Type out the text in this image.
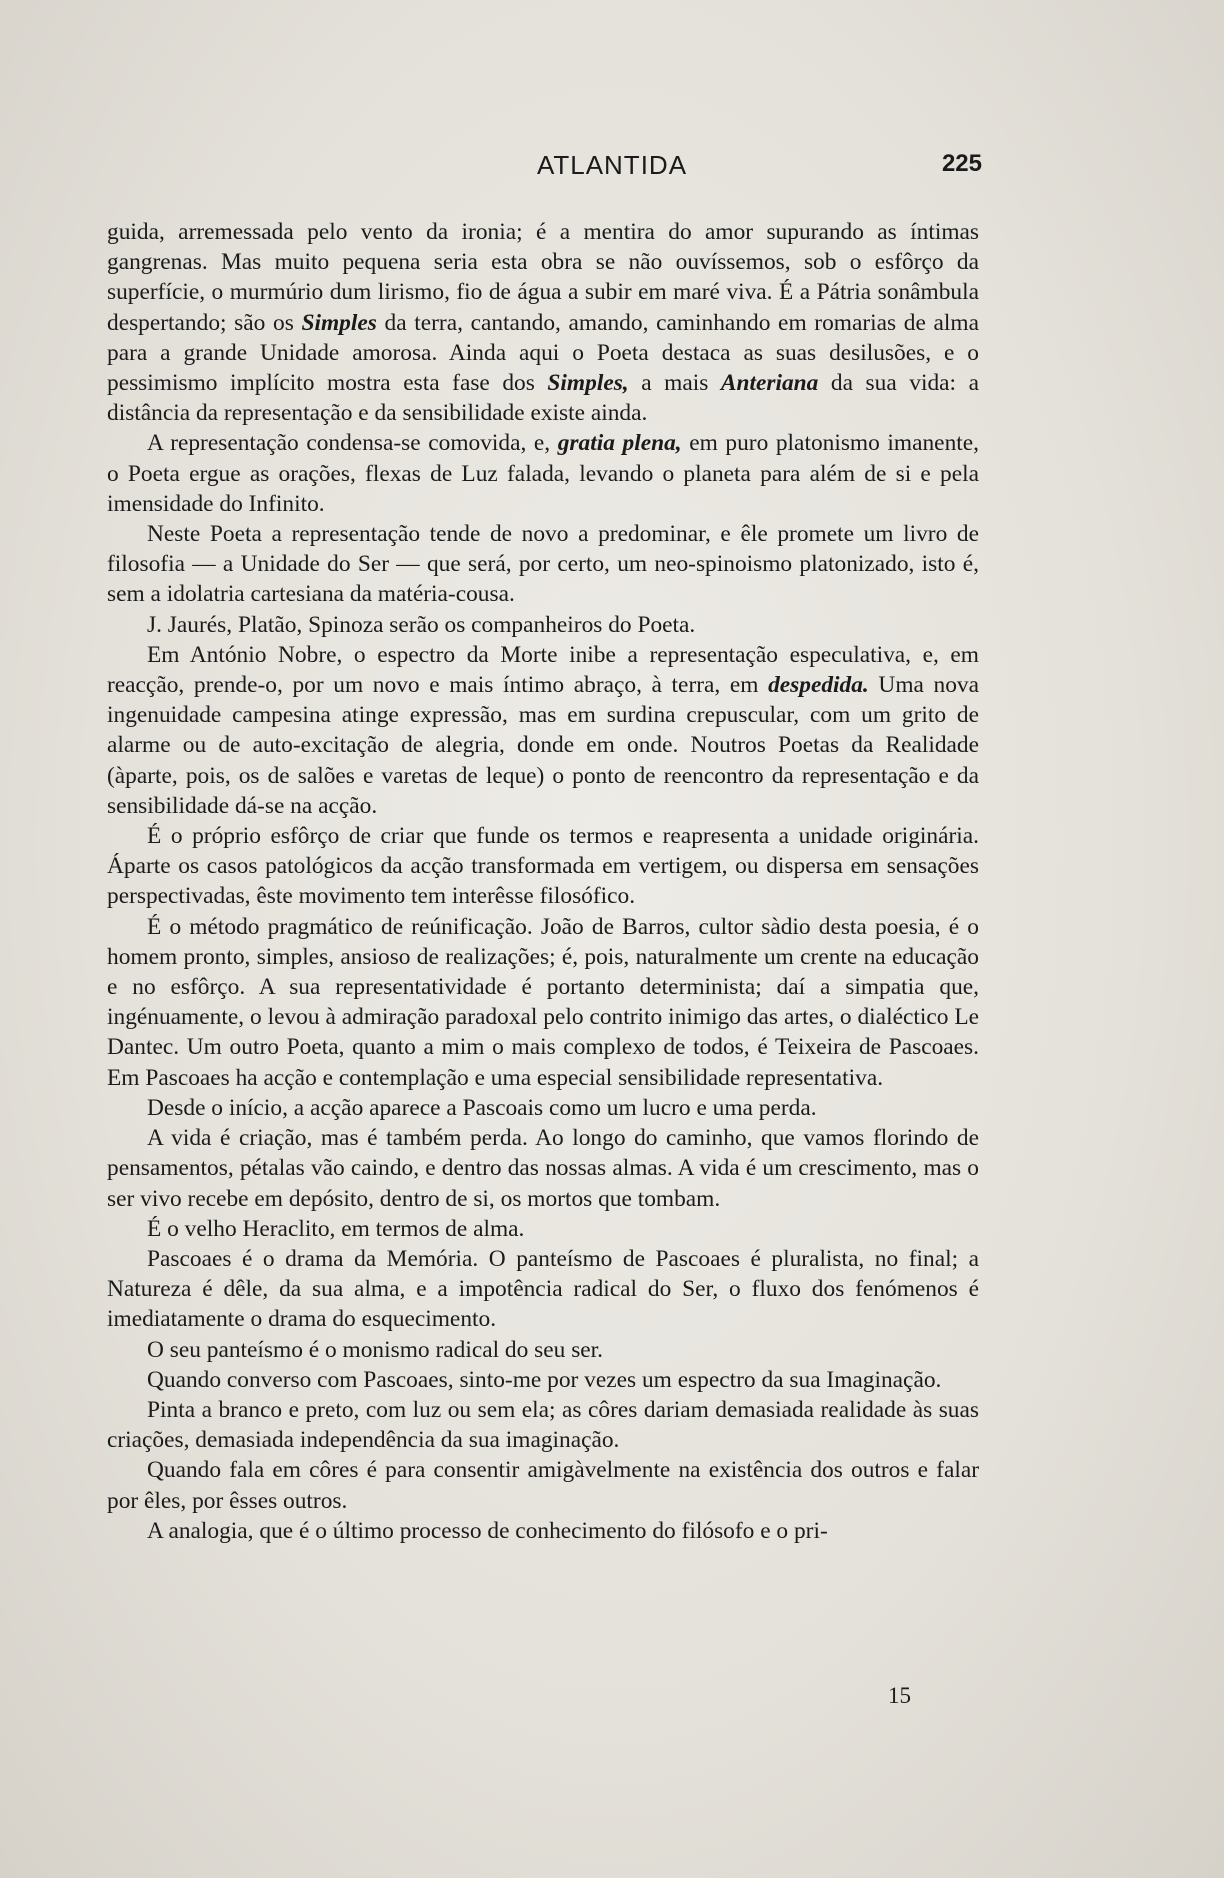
ATLANTIDA	225

guida, arremessada pelo vento da ironia; é a mentira do amor supurando as íntimas gangrenas. Mas muito pequena seria esta obra se não ouvíssemos, sob o esfôrço da superfície, o murmúrio dum lirismo, fio de água a subir em maré viva. É a Pátria sonâmbula despertando; são os Simples da terra, cantando, amando, caminhando em romarias de alma para a grande Unidade amorosa. Ainda aqui o Poeta destaca as suas desilusões, e o pessimismo implícito mostra esta fase dos Simples, a mais Anteriana da sua vida: a distância da representação e da sensibilidade existe ainda.

A representação condensa-se comovida, e, gratia plena, em puro platonismo imanente, o Poeta ergue as orações, flexas de Luz falada, levando o planeta para além de si e pela imensidade do Infinito.

Neste Poeta a representação tende de novo a predominar, e êle promete um livro de filosofia — a Unidade do Ser — que será, por certo, um neo-spinoismo platonizado, isto é, sem a idolatria cartesiana da matéria-cousa.

J. Jaurés, Platão, Spinoza serão os companheiros do Poeta.

Em António Nobre, o espectro da Morte inibe a representação especulativa, e, em reacção, prende-o, por um novo e mais íntimo abraço, à terra, em despedida. Uma nova ingenuidade campesina atinge expressão, mas em surdina crepuscular, com um grito de alarme ou de auto-excitação de alegria, donde em onde. Noutros Poetas da Realidade (àparte, pois, os de salões e varetas de leque) o ponto de reencontro da representação e da sensibilidade dá-se na acção.

É o próprio esfôrço de criar que funde os termos e reapresenta a unidade originária. Áparte os casos patológicos da acção transformada em vertigem, ou dispersa em sensações perspectivadas, êste movimento tem interêsse filosófico.

É o método pragmático de reúnificação. João de Barros, cultor sàdio desta poesia, é o homem pronto, simples, ansioso de realizações; é, pois, naturalmente um crente na educação e no esfôrço. A sua representatividade é portanto determinista; daí a simpatia que, ingénuamente, o levou à admiração paradoxal pelo contrito inimigo das artes, o dialéctico Le Dantec. Um outro Poeta, quanto a mim o mais complexo de todos, é Teixeira de Pascoaes. Em Pascoaes ha acção e contemplação e uma especial sensibilidade representativa.

Desde o início, a acção aparece a Pascoais como um lucro e uma perda.

A vida é criação, mas é também perda. Ao longo do caminho, que vamos florindo de pensamentos, pétalas vão caindo, e dentro das nossas almas. A vida é um crescimento, mas o ser vivo recebe em depósito, dentro de si, os mortos que tombam.

É o velho Heraclito, em termos de alma.

Pascoaes é o drama da Memória. O panteísmo de Pascoaes é pluralista, no final; a Natureza é dêle, da sua alma, e a impotência radical do Ser, o fluxo dos fenómenos é imediatamente o drama do esquecimento.

O seu panteísmo é o monismo radical do seu ser.

Quando converso com Pascoaes, sinto-me por vezes um espectro da sua Imaginação.

Pinta a branco e preto, com luz ou sem ela; as côres dariam demasiada realidade às suas criações, demasiada independência da sua imaginação.

Quando fala em côres é para consentir amigàvelmente na existência dos outros e falar por êles, por êsses outros.

A analogia, que é o último processo de conhecimento do filósofo e o pri-

15
